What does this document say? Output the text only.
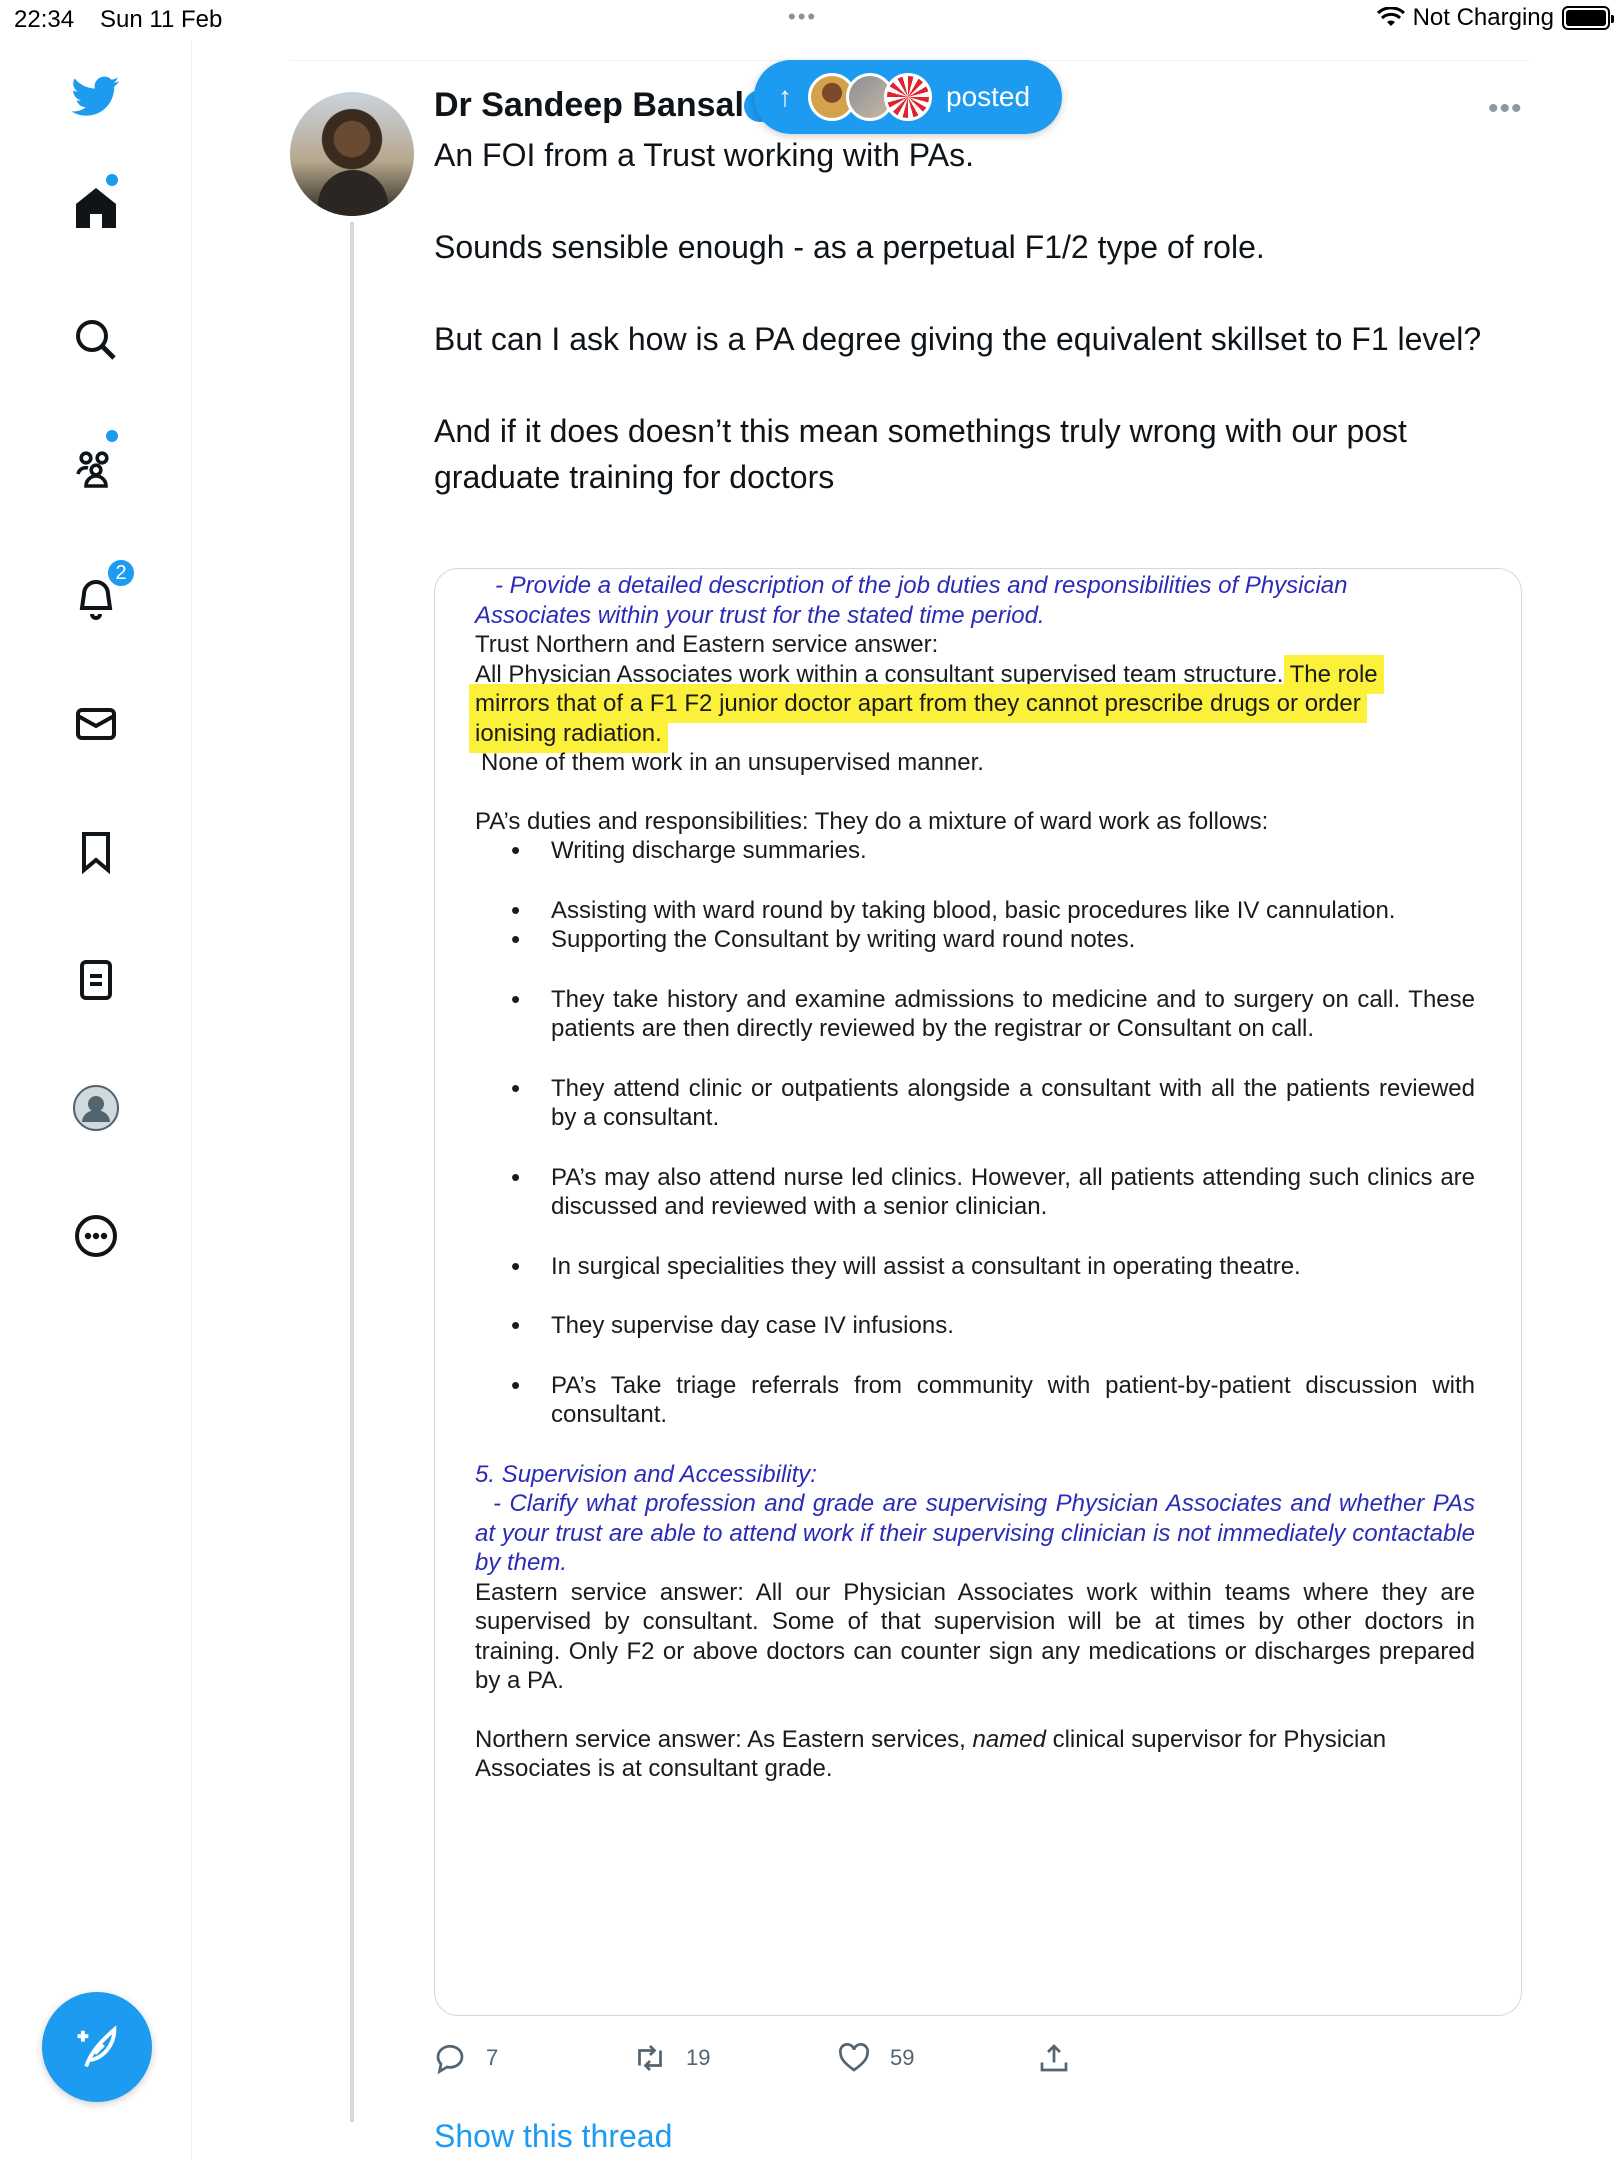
22:34 Sun 11 Feb	•••	Not Charging
2
Dr Sandeep Bansal	•••
↑	posted

An FOI from a Trust working with PAs.

Sounds sensible enough - as a perpetual F1/2 type of role.

But can I ask how is a PA degree giving the equivalent skillset to F1 level?

And if it does doesn’t this mean somethings truly wrong with our post graduate training for doctors

- Provide a detailed description of the job duties and responsibilities of Physician
Associates within your trust for the stated time period.
Trust Northern and Eastern service answer:
All Physician Associates work within a consultant supervised team structure. The role
mirrors that of a F1 F2 junior doctor apart from they cannot prescribe drugs or order
ionising radiation.
None of them work in an unsupervised manner.
PA’s duties and responsibilities: They do a mixture of ward work as follows:
• Writing discharge summaries.
• Assisting with ward round by taking blood, basic procedures like IV cannulation.
• Supporting the Consultant by writing ward round notes.
• They take history and examine admissions to medicine and to surgery on call. These patients are then directly reviewed by the registrar or Consultant on call.
• They attend clinic or outpatients alongside a consultant with all the patients reviewed by a consultant.
• PA’s may also attend nurse led clinics. However, all patients attending such clinics are discussed and reviewed with a senior clinician.
• In surgical specialities they will assist a consultant in operating theatre.
• They supervise day case IV infusions.
• PA’s Take triage referrals from community with patient-by-patient discussion with consultant.
5. Supervision and Accessibility:
- Clarify what profession and grade are supervising Physician Associates and whether PAs at your trust are able to attend work if their supervising clinician is not immediately contactable by them.
Eastern service answer: All our Physician Associates work within teams where they are supervised by consultant. Some of that supervision will be at times by other doctors in training. Only F2 or above doctors can counter sign any medications or discharges prepared by a PA.
Northern service answer: As Eastern services, named clinical supervisor for Physician Associates is at consultant grade.
7	19	59
Show this thread
